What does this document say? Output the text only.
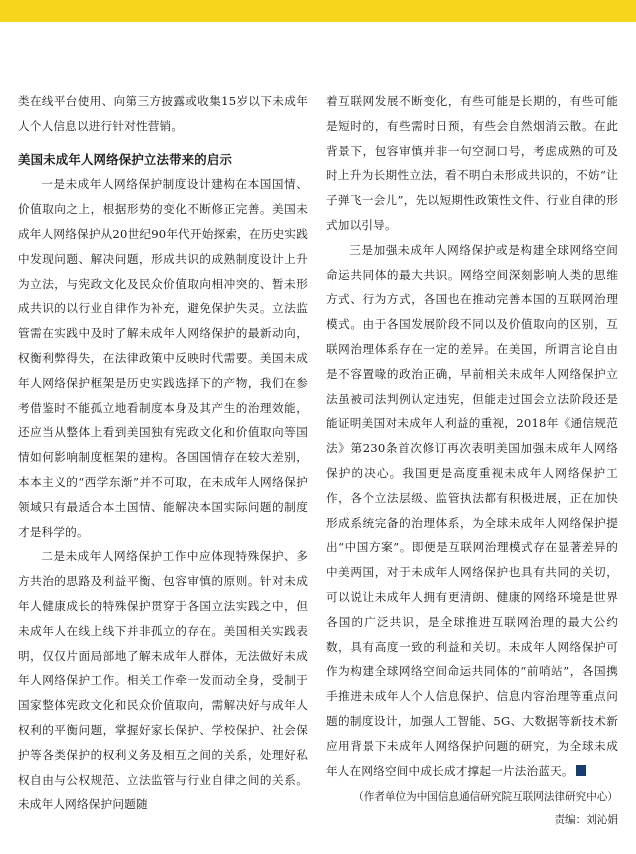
类在线平台使用、向第三方披露或收集15岁以下未成年人个人信息以进行针对性营销。

美国未成年人网络保护立法带来的启示

一是未成年人网络保护制度设计建构在本国国情、价值取向之上，根据形势的变化不断修正完善。美国未成年人网络保护从20世纪90年代开始探索，在历史实践中发现问题、解决问题，形成共识的成熟制度设计上升为立法，与宪政文化及民众价值取向相冲突的、暂未形成共识的以行业自律作为补充，避免保护失灵。立法监管需在实践中及时了解未成年人网络保护的最新动向，权衡利弊得失，在法律政策中反映时代需要。美国未成年人网络保护框架是历史实践选择下的产物，我们在参考借鉴时不能孤立地看制度本身及其产生的治理效能，还应当从整体上看到美国独有宪政文化和价值取向等国情如何影响制度框架的建构。各国国情存在较大差别，本本主义的“西学东渐”并不可取，在未成年人网络保护领域只有最适合本土国情、能解决本国实际问题的制度才是科学的。

二是未成年人网络保护工作中应体现特殊保护、多方共治的思路及利益平衡、包容审慎的原则。针对未成年人健康成长的特殊保护贯穿于各国立法实践之中，但未成年人在线上线下并非孤立的存在。美国相关实践表明，仅仅片面局部地了解未成年人群体，无法做好未成年人网络保护工作。相关工作牵一发而动全身，受制于国家整体宪政文化和民众价值取向，需解决好与成年人权利的平衡问题，掌握好家长保护、学校保护、社会保护等各类保护的权利义务及相互之间的关系，处理好私权自由与公权规范、立法监管与行业自律之间的关系。未成年人网络保护问题随

着互联网发展不断变化，有些可能是长期的，有些可能是短时的，有些需时日预，有些会自然烟消云散。在此背景下，包容审慎并非一句空洞口号，考虑成熟的可及时上升为长期性立法，看不明白未形成共识的，不妨“让子弹飞一会儿”，先以短期性政策性文件、行业自律的形式加以引导。

三是加强未成年人网络保护或是构建全球网络空间命运共同体的最大共识。网络空间深刻影响人类的思维方式、行为方式，各国也在推动完善本国的互联网治理模式。由于各国发展阶段不同以及价值取向的区别，互联网治理体系存在一定的差异。在美国，所谓言论自由是不容置喙的政治正确，早前相关未成年人网络保护立法虽被司法判例认定违宪，但能走过国会立法阶段还是能证明美国对未成年人利益的重视，2018年《通信规范法》第230条首次修订再次表明美国加强未成年人网络保护的决心。我国更是高度重视未成年人网络保护工作，各个立法层级、监管执法都有积极进展，正在加快形成系统完备的治理体系，为全球未成年人网络保护提出“中国方案”。即便是互联网治理模式存在显著差异的中美两国，对于未成年人网络保护也具有共同的关切，可以说让未成年人拥有更清朗、健康的网络环境是世界各国的广泛共识，是全球推进互联网治理的最大公约数，具有高度一致的利益和关切。未成年人网络保护可作为构建全球网络空间命运共同体的“前哨站”，各国携手推进未成年人个人信息保护、信息内容治理等重点问题的制度设计，加强人工智能、5G、大数据等新技术新应用背景下未成年人网络保护问题的研究，为全球未成年人在网络空间中成长成才撑起一片法治蓝天。

（作者单位为中国信息通信研究院互联网法律研究中心）
责编：刘沁娟
